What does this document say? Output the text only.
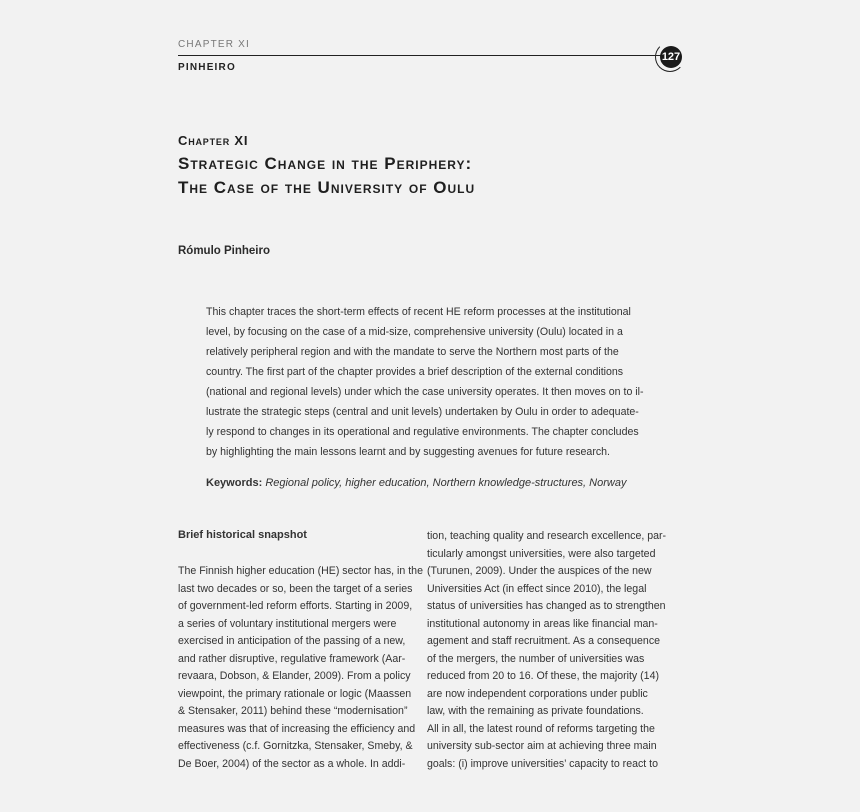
CHAPTER XI
PINHEIRO
127
Chapter XI
Strategic Change in the Periphery:
The Case of the University of Oulu
Rómulo Pinheiro
This chapter traces the short-term effects of recent HE reform processes at the institutional
level, by focusing on the case of a mid-size, comprehensive university (Oulu) located in a
relatively peripheral region and with the mandate to serve the Northern most parts of the
country. The first part of the chapter provides a brief description of the external conditions
(national and regional levels) under which the case university operates. It then moves on to il-
lustrate the strategic steps (central and unit levels) undertaken by Oulu in order to adequate-
ly respond to changes in its operational and regulative environments. The chapter concludes
by highlighting the main lessons learnt and by suggesting avenues for future research.
Keywords: Regional policy, higher education, Northern knowledge-structures, Norway
Brief historical snapshot
The Finnish higher education (HE) sector has, in the
last two decades or so, been the target of a series
of government-led reform efforts. Starting in 2009,
a series of voluntary institutional mergers were
exercised in anticipation of the passing of a new,
and rather disruptive, regulative framework (Aar-
revaara, Dobson, & Elander, 2009). From a policy
viewpoint, the primary rationale or logic (Maassen
& Stensaker, 2011) behind these “modernisation”
measures was that of increasing the efficiency and
effectiveness (c.f. Gornitzka, Stensaker, Smeby, &
De Boer, 2004) of the sector as a whole. In addi-
tion, teaching quality and research excellence, par-
ticularly amongst universities, were also targeted
(Turunen, 2009). Under the auspices of the new
Universities Act (in effect since 2010), the legal
status of universities has changed as to strengthen
institutional autonomy in areas like financial man-
agement and staff recruitment. As a consequence
of the mergers, the number of universities was
reduced from 20 to 16. Of these, the majority (14)
are now independent corporations under public
law, with the remaining as private foundations.
All in all, the latest round of reforms targeting the
university sub-sector aim at achieving three main
goals: (i) improve universities’ capacity to react to
